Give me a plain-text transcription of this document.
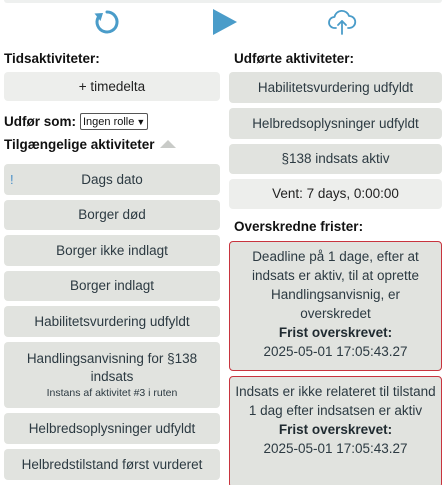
Tidsaktiviteter:
+ timedelta
Udfør som: Ingen rolle ▼
Tilgængelige aktiviteter
!	Dags dato
Borger død
Borger ikke indlagt
Borger indlagt
Habilitetsvurdering udfyldt
Handlingsanvisning for §138 indsats
Instans af aktivitet #3 i ruten
Helbredsoplysninger udfyldt
Helbredstilstand først vurderet
Udførte aktiviteter:
Habilitetsvurdering udfyldt
Helbredsoplysninger udfyldt
§138 indsats aktiv
Vent: 7 days, 0:00:00
Overskredne frister:
Deadline på 1 dage, efter at indsats er aktiv, til at oprette Handlingsanvisnig, er overskredet
Frist overskrevet:
2025-05-01 17:05:43.27
Indsats er ikke relateret til tilstand 1 dag efter indsatsen er aktiv
Frist overskrevet:
2025-05-01 17:05:43.27
